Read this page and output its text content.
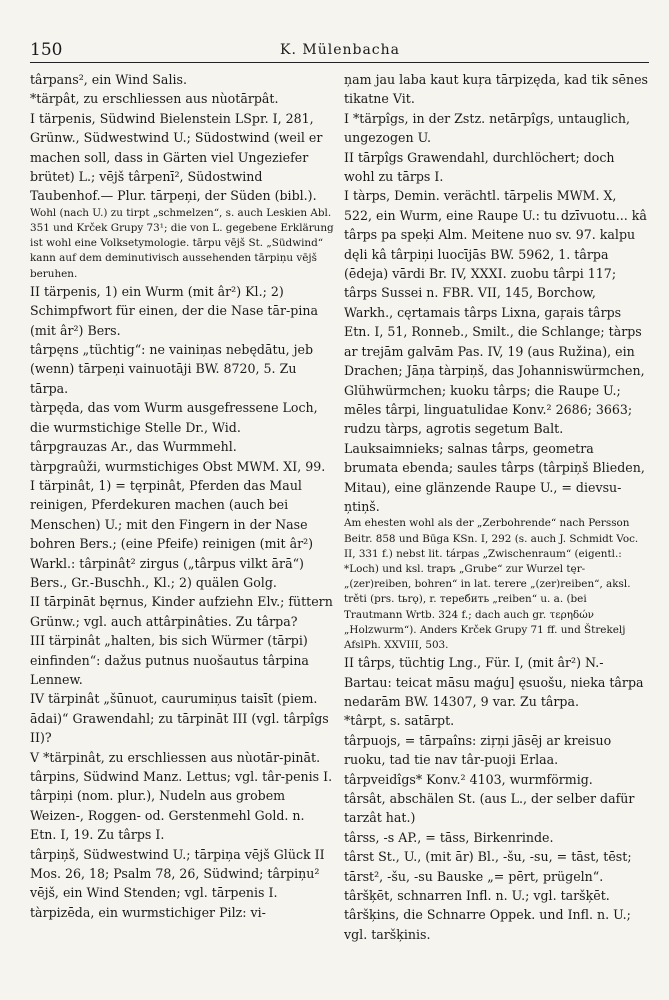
150	K. Mülenbacha

târpans², ein Wind Salis.

*tärpât, zu erschliessen aus nùotārpât.

I tärpenis, Südwind Bielenstein LSpr. I, 281, Grünw., Südwestwind U.; Südostwind (weil er machen soll, dass in Gärten viel Ungeziefer brütet) L.; vējš târpenī², Südostwind Taubenhof.— Plur. tārpeņi, der Süden (bibl.).

Wohl (nach U.) zu tirpt „schmelzen“, s. auch Leskien Abl. 351 und Krček Grupy 73¹; die von L. gegebene Erklärung ist wohl eine Volksetymologie. tārpu vējš St. „Südwind“ kann auf dem deminutivisch aussehenden tārpiņu vējš beruhen.

II tärpenis, 1) ein Wurm (mit âr²) Kl.; 2) Schimpfwort für einen, der die Nase tār-pina (mit âr²) Bers.

târpęns „tüchtig“: ne vainiņas nebędātu, jeb (wenn) tārpeņi vainuotāji BW. 8720, 5. Zu tārpa.

tàrpęda, das vom Wurm ausgefressene Loch, die wurmstichige Stelle Dr., Wid.

târpgrauzas Ar., das Wurmmehl.

tàrpgraûži, wurmstichiges Obst MWM. XI, 99.

I tärpinât, 1) = tęrpinât, Pferden das Maul reinigen, Pferdekuren machen (auch bei Menschen) U.; mit den Fingern in der Nase bohren Bers.; (eine Pfeife) reinigen (mit âr²) Warkl.: târpinât² zirgus („târpus vilkt ārā“) Bers., Gr.-Buschh., Kl.; 2) quälen Golg.

II tārpināt bęrnus, Kinder aufziehn Elv.; füttern Grünw.; vgl. auch attârpinâties. Zu târpa?

III tärpinât „halten, bis sich Würmer (tārpi) einfinden“: dažus putnus nuošautus târpina Lennew.

IV tärpinât „šūnuot, caurumiņus taisīt (piem. ādai)“ Grawendahl; zu tārpināt III (vgl. târpîgs II)?

V *tärpinât, zu erschliessen aus nùotār-pināt.

târpins, Südwind Manz. Lettus; vgl. târ-penis I.

târpiņi (nom. plur.), Nudeln aus grobem Weizen-, Roggen- od. Gerstenmehl Gold. n. Etn. I, 19. Zu târps I.

târpiņš, Südwestwind U.; tārpiņa vējš Glück II Mos. 26, 18; Psalm 78, 26, Südwind; târpiņu² vējš, ein Wind Stenden; vgl. tārpenis I.

tàrpizēda, ein wurmstichiger Pilz: vi-

ņam jau laba kaut kuŗa tārpizęda, kad tik sēnes tikatne Vit.

I *tärpîgs, in der Zstz. netārpîgs, untauglich, ungezogen U.

II tārpîgs Grawendahl, durchlöchert; doch wohl zu tārps I.

I tàrps, Demin. verächtl. tārpelis MWM. X, 522, ein Wurm, eine Raupe U.: tu dzīvuotu... kâ târps pa speķi Alm. Meitene nuo sv. 97. kalpu dęli kâ târpiņi luocījās BW. 5962, 1. târpa (ēdeja) vārdi Br. IV, XXXI. zuobu târpi 117; târps Sussei n. FBR. VII, 145, Borchow, Warkh., cęrtamais târps Lixna, gaŗais târps Etn. I, 51, Ronneb., Smilt., die Schlange; tàrps ar trejām galvām Pas. IV, 19 (aus Ružina), ein Drachen; Jāņa tàrpiņš, das Johanniswürmchen, Glühwürmchen; kuoku târps; die Raupe U.; mēles târpi, linguatulidae Konv.² 2686; 3663; rudzu tàrps, agrotis segetum Balt. Lauksaimnieks; salnas târps, geometra brumata ebenda; saules târps (târpiņš Blieden, Mitau), eine glänzende Raupe U., = dievsu-ņtiņš.

Am ehesten wohl als der „Zerbohrende“ nach Persson Beitr. 858 und Būga KSn. I, 292 (s. auch J. Schmidt Voc. II, 331 f.) nebst lit. tárpas „Zwischenraum“ (eigentl.: *Loch) und ksl. trapъ „Grube“ zur Wurzel tęr- „(zer)reiben, bohren“ in lat. terere „(zer)reiben“, aksl. trěti (prs. tьrǫ), r. теребить „reiben“ u. a. (bei Trautmann Wrtb. 324 f.; dach auch gr. τερηδών „Holzwurm“). Anders Krček Grupy 71 ff. und Štrekelj AfslPh. XXVIII, 503.

II târps, tüchtig Lng., Für. I, (mit âr²) N.-Bartau: teicat māsu maģu] ęsuošu, nieka târpa nedarām BW. 14307, 9 var. Zu târpa.

*târpt, s. satārpt.

târpuojs, = tārpaîns: ziŗņi jāsēj ar kreisuo ruoku, tad tie nav târ-puoji Erlaa.

târpveidîgs* Konv.² 4103, wurmförmig.

târsât, abschälen St. (aus L., der selber dafür tarzât hat.)

târss, -s AP., = tāss, Birkenrinde.

târst St., U., (mit ār) Bl., -šu, -su, = tāst, tēst; tārst², -šu, -su Bauske „= pērt, prügeln“.

târšķēt, schnarren Infl. n. U.; vgl. taršķēt.

târšķins, die Schnarre Oppek. und Infl. n. U.; vgl. taršķinis.
